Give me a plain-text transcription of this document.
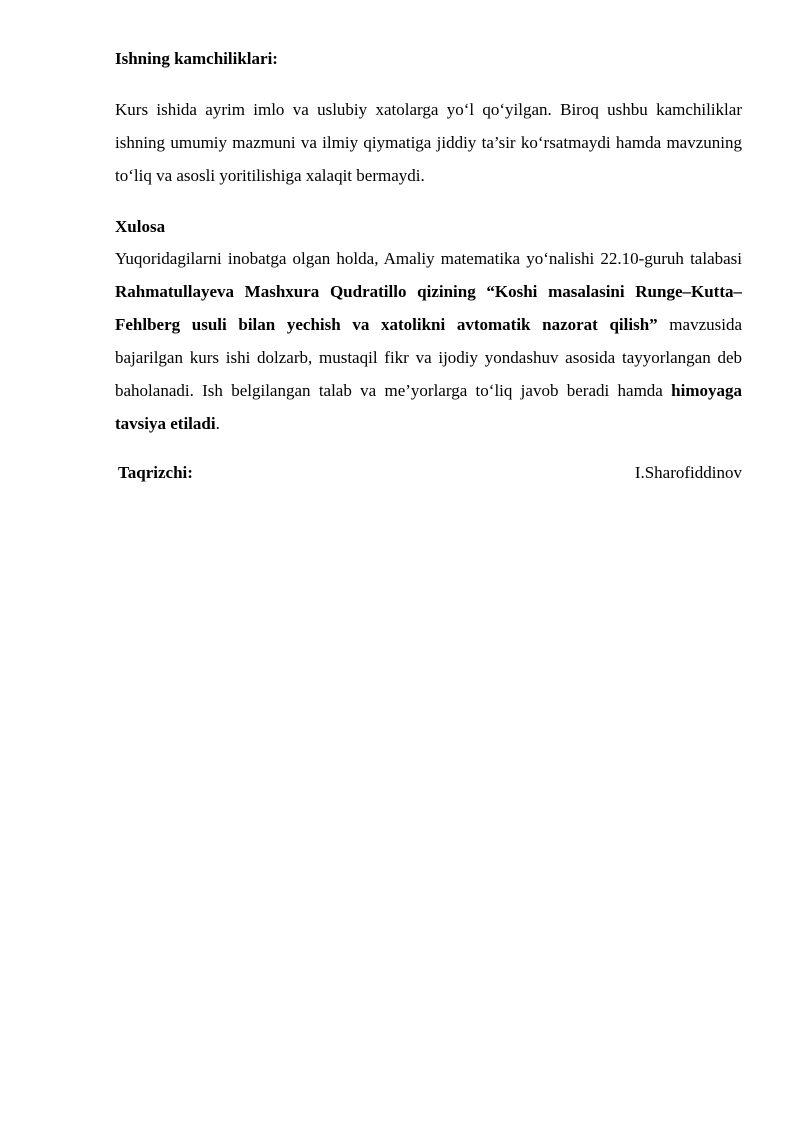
Ishning kamchiliklari:

Kurs ishida ayrim imlo va uslubiy xatolarga yo‘l qo‘yilgan. Biroq ushbu kamchiliklar ishning umumiy mazmuni va ilmiy qiymatiga jiddiy ta’sir ko‘rsatmaydi hamda mavzuning to‘liq va asosli yoritilishiga xalaqit bermaydi.

Xulosa

Yuqoridagilarni inobatga olgan holda, Amaliy matematika yo‘nalishi 22.10-guruh talabasi Rahmatullayeva Mashxura Qudratillo qizining “Koshi masalasini Runge–Kutta–Fehlberg usuli bilan yechish va xatolikni avtomatik nazorat qilish” mavzusida bajarilgan kurs ishi dolzarb, mustaqil fikr va ijodiy yondashuv asosida tayyorlangan deb baholanadi. Ish belgilangan talab va me’yorlarga to‘liq javob beradi hamda himoyaga tavsiya etiladi.

Taqrizchi:	I.Sharofiddinov
